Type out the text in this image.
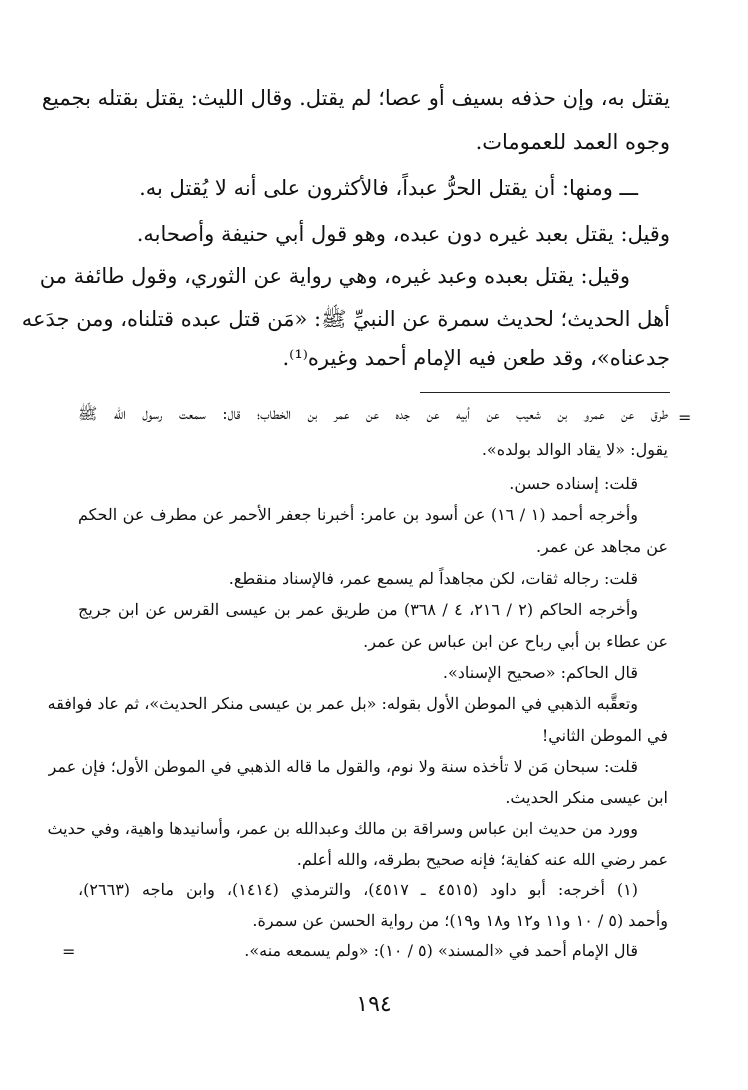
يقتل به، وإن حذفه بسيف أو عصا؛ لم يقتل. وقال الليث: يقتل بقتله بجميع

وجوه العمد للعمومات.

ـــ ومنها: أن يقتل الحرُّ عبداً، فالأكثرون على أنه لا يُقتل به.

وقيل: يقتل بعبد غيره دون عبده، وهو قول أبي حنيفة وأصحابه.

وقيل: يقتل بعبده وعبد غيره، وهي رواية عن الثوري، وقول طائفة من

أهل الحديث؛ لحديث سمرة عن النبيِّ ﷺ: «مَن قتل عبده قتلناه، ومن جدَعه

جدعناه»، وقد طعن فيه الإمام أحمد وغيره⁽¹⁾.

=

طرق عن عمرو بن شعيب عن أبيه عن جده عن عمر بن الخطاب؛ قال: سمعت رسول الله ﷺ

يقول: «لا يقاد الوالد بولده».

قلت: إسناده حسن.

وأخرجه أحمد (١ / ١٦) عن أسود بن عامر: أخبرنا جعفر الأحمر عن مطرف عن الحكم

عن مجاهد عن عمر.

قلت: رجاله ثقات، لكن مجاهداً لم يسمع عمر، فالإسناد منقطع.

وأخرجه الحاكم (٢ / ٢١٦، ٤ / ٣٦٨) من طريق عمر بن عيسى القرس عن ابن جريج

عن عطاء بن أبي رباح عن ابن عباس عن عمر.

قال الحاكم: «صحيح الإسناد».

وتعقَّبه الذهبي في الموطن الأول بقوله: «بل عمر بن عيسى منكر الحديث»، ثم عاد فوافقه

في الموطن الثاني!

قلت: سبحان مَن لا تأخذه سنة ولا نوم، والقول ما قاله الذهبي في الموطن الأول؛ فإن عمر

ابن عيسى منكر الحديث.

وورد من حديث ابن عباس وسراقة بن مالك وعبدالله بن عمر، وأسانيدها واهية، وفي حديث

عمر رضي الله عنه كفاية؛ فإنه صحيح بطرقه، والله أعلم.

(١) أخرجه: أبو داود (٤٥١٥ ـ ٤٥١٧)، والترمذي (١٤١٤)، وابن ماجه (٢٦٦٣)،

وأحمد (٥ / ١٠ و١١ و١٢ و١٨ و١٩)؛ من رواية الحسن عن سمرة.

قال الإمام أحمد في «المسند» (٥ / ١٠): «ولم يسمعه منه».

=
١٩٤
